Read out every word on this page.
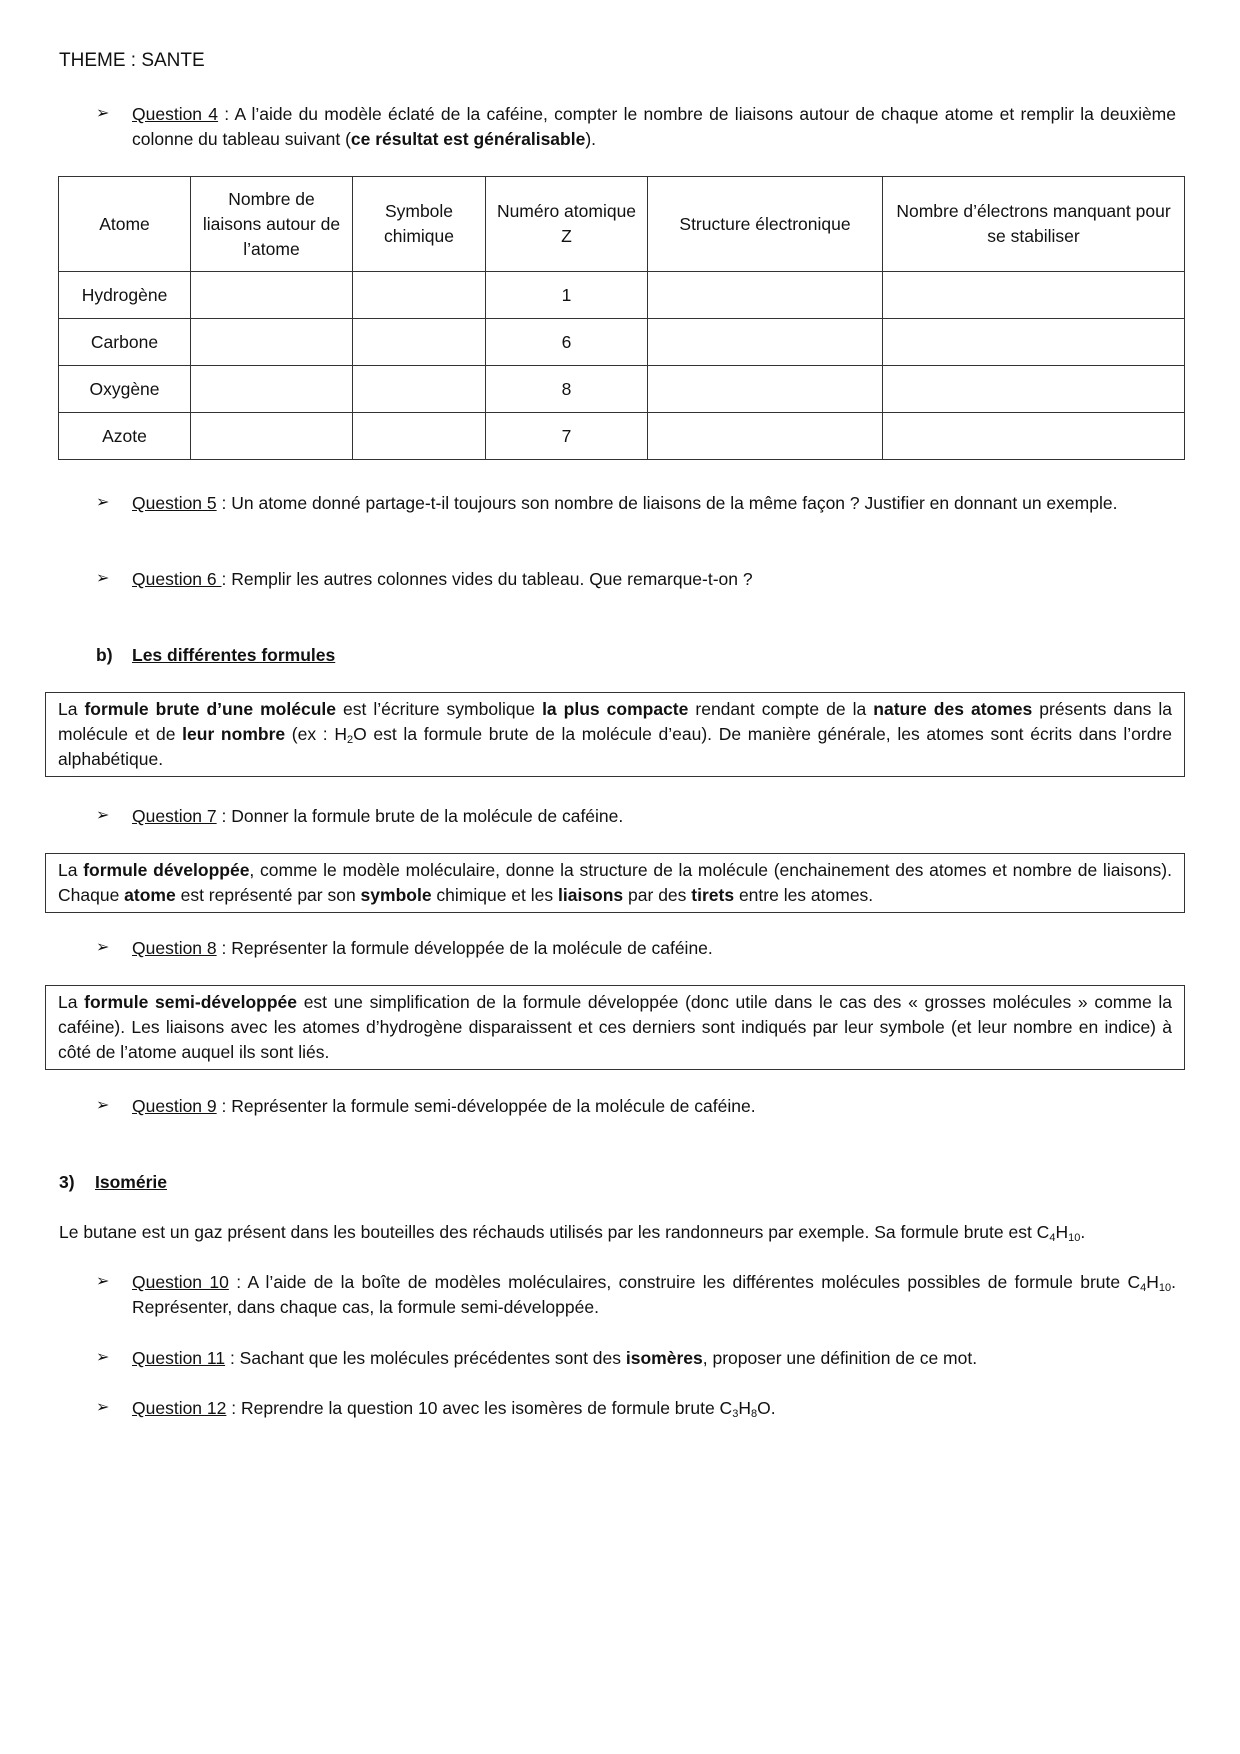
THEME : SANTE
➢ Question 4 : A l’aide du modèle éclaté de la caféine, compter le nombre de liaisons autour de chaque atome et remplir la deuxième colonne du tableau suivant (ce résultat est généralisable).
Atome	Nombre de liaisons autour de l’atome	Symbole chimique	Numéro atomique Z	Structure électronique	Nombre d’électrons manquant pour se stabiliser
Hydrogène			1		
Carbone			6		
Oxygène			8		
Azote			7		
➢ Question 5 : Un atome donné partage-t-il toujours son nombre de liaisons de la même façon ? Justifier en donnant un exemple.
➢ Question 6 : Remplir les autres colonnes vides du tableau. Que remarque-t-on ?
b) Les différentes formules
La formule brute d’une molécule est l’écriture symbolique la plus compacte rendant compte de la nature des atomes présents dans la molécule et de leur nombre (ex : $H_2O$ est la formule brute de la molécule d’eau). De manière générale, les atomes sont écrits dans l’ordre alphabétique.
➢ Question 7 : Donner la formule brute de la molécule de caféine.
La formule développée, comme le modèle moléculaire, donne la structure de la molécule (enchainement des atomes et nombre de liaisons). Chaque atome est représenté par son symbole chimique et les liaisons par des tirets entre les atomes.
➢ Question 8 : Représenter la formule développée de la molécule de caféine.
La formule semi-développée est une simplification de la formule développée (donc utile dans le cas des « grosses molécules » comme la caféine). Les liaisons avec les atomes d’hydrogène disparaissent et ces derniers sont indiqués par leur symbole (et leur nombre en indice) à côté de l’atome auquel ils sont liés.
➢ Question 9 : Représenter la formule semi-développée de la molécule de caféine.
3) Isomérie
Le butane est un gaz présent dans les bouteilles des réchauds utilisés par les randonneurs par exemple. Sa formule brute est $C_4H_{10}$.
➢ Question 10 : A l’aide de la boîte de modèles moléculaires, construire les différentes molécules possibles de formule brute $C_4H_{10}$. Représenter, dans chaque cas, la formule semi-développée.
➢ Question 11 : Sachant que les molécules précédentes sont des isomères, proposer une définition de ce mot.
➢ Question 12 : Reprendre la question 10 avec les isomères de formule brute $C_3H_8O$.
